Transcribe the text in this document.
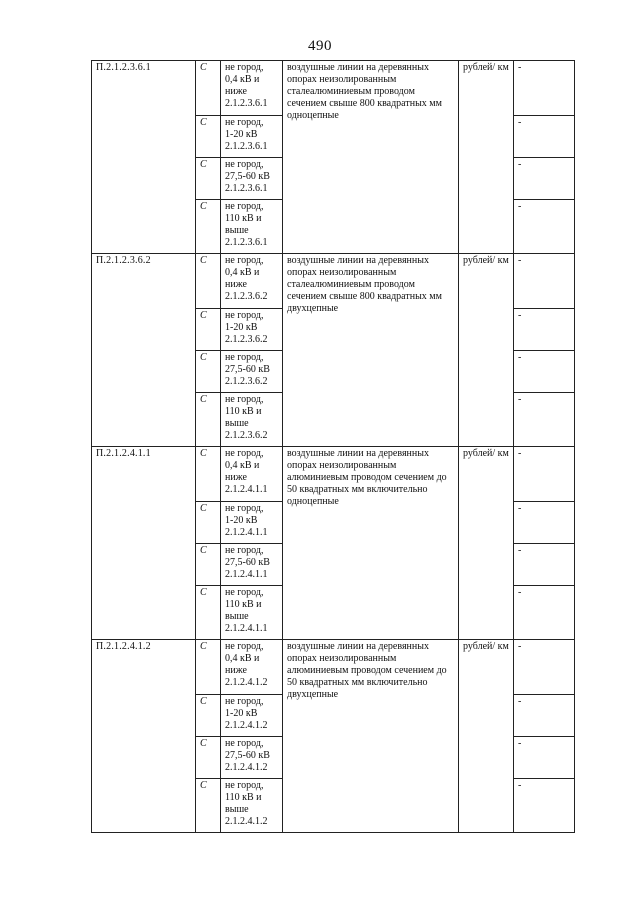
490
П.2.1.2.3.6.1	С	не город,
0,4 кВ и
ниже
2.1.2.3.6.1	воздушные линии на деревянных опорах неизолированным сталеалюминиевым проводом сечением свыше 800 квадратных мм одноцепные	рублей/ км	-
	С	не город,
1-20 кВ
2.1.2.3.6.1			-
	С	не город,
27,5-60 кВ
2.1.2.3.6.1			-
	С	не город,
110 кВ и
выше
2.1.2.3.6.1			-
П.2.1.2.3.6.2	С	не город,
0,4 кВ и
ниже
2.1.2.3.6.2	воздушные линии на деревянных опорах неизолированным сталеалюминиевым проводом сечением свыше 800 квадратных мм двухцепные	рублей/ км	-
	С	не город,
1-20 кВ
2.1.2.3.6.2			-
	С	не город,
27,5-60 кВ
2.1.2.3.6.2			-
	С	не город,
110 кВ и
выше
2.1.2.3.6.2			-
П.2.1.2.4.1.1	С	не город,
0,4 кВ и
ниже
2.1.2.4.1.1	воздушные линии на деревянных опорах неизолированным алюминиевым проводом сечением до 50 квадратных мм включительно одноцепные	рублей/ км	-
	С	не город,
1-20 кВ
2.1.2.4.1.1			-
	С	не город,
27,5-60 кВ
2.1.2.4.1.1			-
	С	не город,
110 кВ и
выше
2.1.2.4.1.1			-
П.2.1.2.4.1.2	С	не город,
0,4 кВ и
ниже
2.1.2.4.1.2	воздушные линии на деревянных опорах неизолированным алюминиевым проводом сечением до 50 квадратных мм включительно двухцепные	рублей/ км	-
	С	не город,
1-20 кВ
2.1.2.4.1.2			-
	С	не город,
27,5-60 кВ
2.1.2.4.1.2			-
	С	не город,
110 кВ и
выше
2.1.2.4.1.2			-
